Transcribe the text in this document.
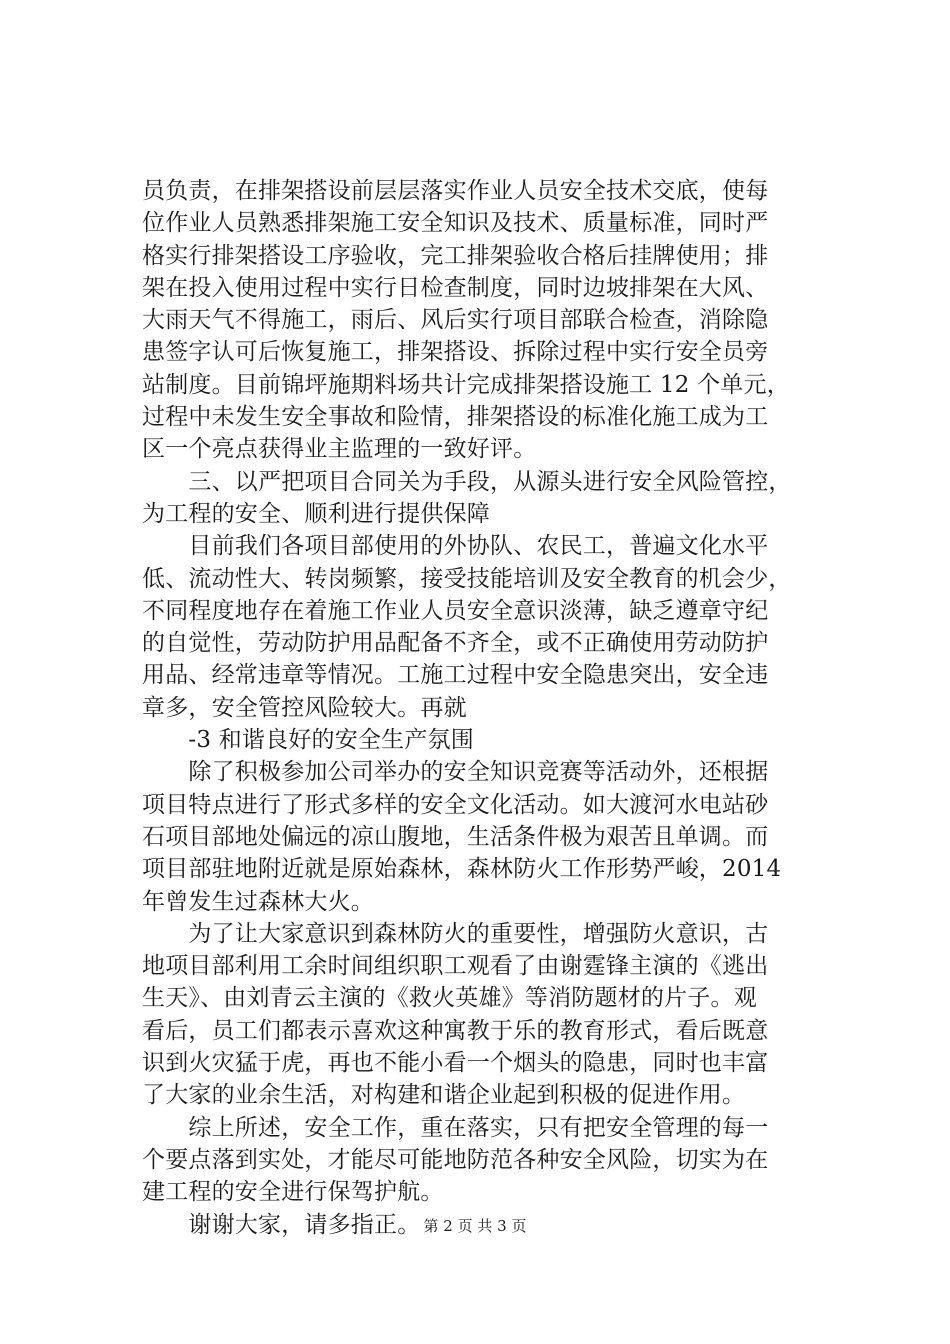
员负责，在排架搭设前层层落实作业人员安全技术交底，使每
位作业人员熟悉排架施工安全知识及技术、质量标准，同时严
格实行排架搭设工序验收，完工排架验收合格后挂牌使用；排
架在投入使用过程中实行日检查制度，同时边坡排架在大风、
大雨天气不得施工，雨后、风后实行项目部联合检查，消除隐
患签字认可后恢复施工，排架搭设、拆除过程中实行安全员旁
站制度。目前锦坪施期料场共计完成排架搭设施工 12 个单元，
过程中未发生安全事故和险情，排架搭设的标准化施工成为工
区一个亮点获得业主监理的一致好评。
　　三、以严把项目合同关为手段，从源头进行安全风险管控，
为工程的安全、顺利进行提供保障
　　目前我们各项目部使用的外协队、农民工，普遍文化水平
低、流动性大、转岗频繁，接受技能培训及安全教育的机会少，
不同程度地存在着施工作业人员安全意识淡薄，缺乏遵章守纪
的自觉性，劳动防护用品配备不齐全，或不正确使用劳动防护
用品、经常违章等情况。工施工过程中安全隐患突出，安全违
章多，安全管控风险较大。再就
　　-3 和谐良好的安全生产氛围
　　除了积极参加公司举办的安全知识竞赛等活动外，还根据
项目特点进行了形式多样的安全文化活动。如大渡河水电站砂
石项目部地处偏远的凉山腹地，生活条件极为艰苦且单调。而
项目部驻地附近就是原始森林，森林防火工作形势严峻，2014
年曾发生过森林大火。
　　为了让大家意识到森林防火的重要性，增强防火意识，古
地项目部利用工余时间组织职工观看了由谢霆锋主演的《逃出
生天》、由刘青云主演的《救火英雄》等消防题材的片子。观
看后，员工们都表示喜欢这种寓教于乐的教育形式，看后既意
识到火灾猛于虎，再也不能小看一个烟头的隐患，同时也丰富
了大家的业余生活，对构建和谐企业起到积极的促进作用。
　　综上所述，安全工作，重在落实，只有把安全管理的每一
个要点落到实处，才能尽可能地防范各种安全风险，切实为在
建工程的安全进行保驾护航。
　　谢谢大家，请多指正。 第 2 页 共 3 页
